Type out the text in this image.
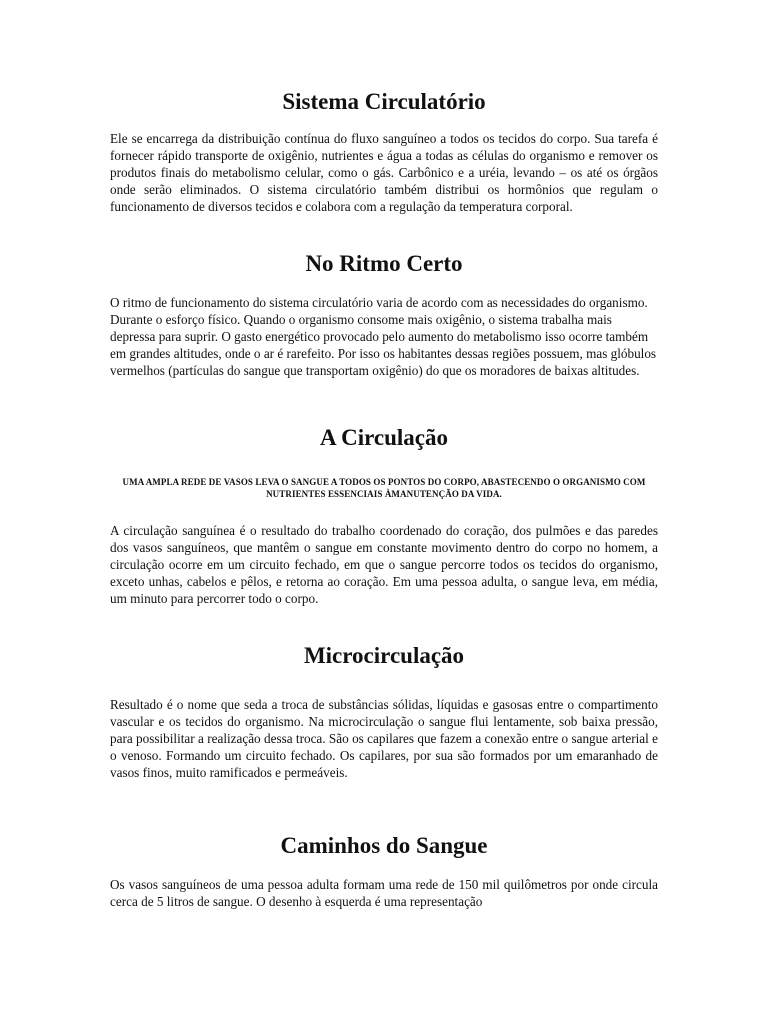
Sistema Circulatório

Ele se encarrega da distribuição contínua do fluxo sanguíneo a todos os tecidos do corpo. Sua tarefa é fornecer rápido transporte de oxigênio, nutrientes e água a todas as células do organismo e remover os produtos finais do metabolismo celular, como o gás. Carbônico e a uréia, levando – os até os órgãos onde serão eliminados. O sistema circulatório também distribui os hormônios que regulam o funcionamento de diversos tecidos e colabora com a regulação da temperatura corporal.

No Ritmo Certo

O ritmo de funcionamento do sistema circulatório varia de acordo com as necessidades do organismo. Durante o esforço físico. Quando o organismo consome mais oxigênio, o sistema trabalha mais depressa para suprir. O gasto energético provocado pelo aumento do metabolismo isso ocorre também em grandes altitudes, onde o ar é rarefeito. Por isso os habitantes dessas regiões possuem, mas glóbulos vermelhos (partículas do sangue que transportam oxigênio) do que os moradores de baixas altitudes.

A Circulação

UMA AMPLA REDE DE VASOS LEVA O SANGUE A TODOS OS PONTOS DO CORPO, ABASTECENDO O ORGANISMO COM NUTRIENTES ESSENCIAIS ÀMANUTENÇÃO DA VIDA.

A circulação sanguínea é o resultado do trabalho coordenado do coração, dos pulmões e das paredes dos vasos sanguíneos, que mantêm o sangue em constante movimento dentro do corpo no homem, a circulação ocorre em um circuito fechado, em que o sangue percorre todos os tecidos do organismo, exceto unhas, cabelos e pêlos, e retorna ao coração. Em uma pessoa adulta, o sangue leva, em média, um minuto para percorrer todo o corpo.

Microcirculação

Resultado é o nome que seda a troca de substâncias sólidas, líquidas e gasosas entre o compartimento vascular e os tecidos do organismo. Na microcirculação o sangue flui lentamente, sob baixa pressão, para possibilitar a realização dessa troca. São os capilares que fazem a conexão entre o sangue arterial e o venoso. Formando um circuito fechado. Os capilares, por sua são formados por um emaranhado de vasos finos, muito ramificados e permeáveis.

Caminhos do Sangue

Os vasos sanguíneos de uma pessoa adulta formam uma rede de 150 mil quilômetros por onde circula cerca de 5 litros de sangue. O desenho à esquerda é uma representação
